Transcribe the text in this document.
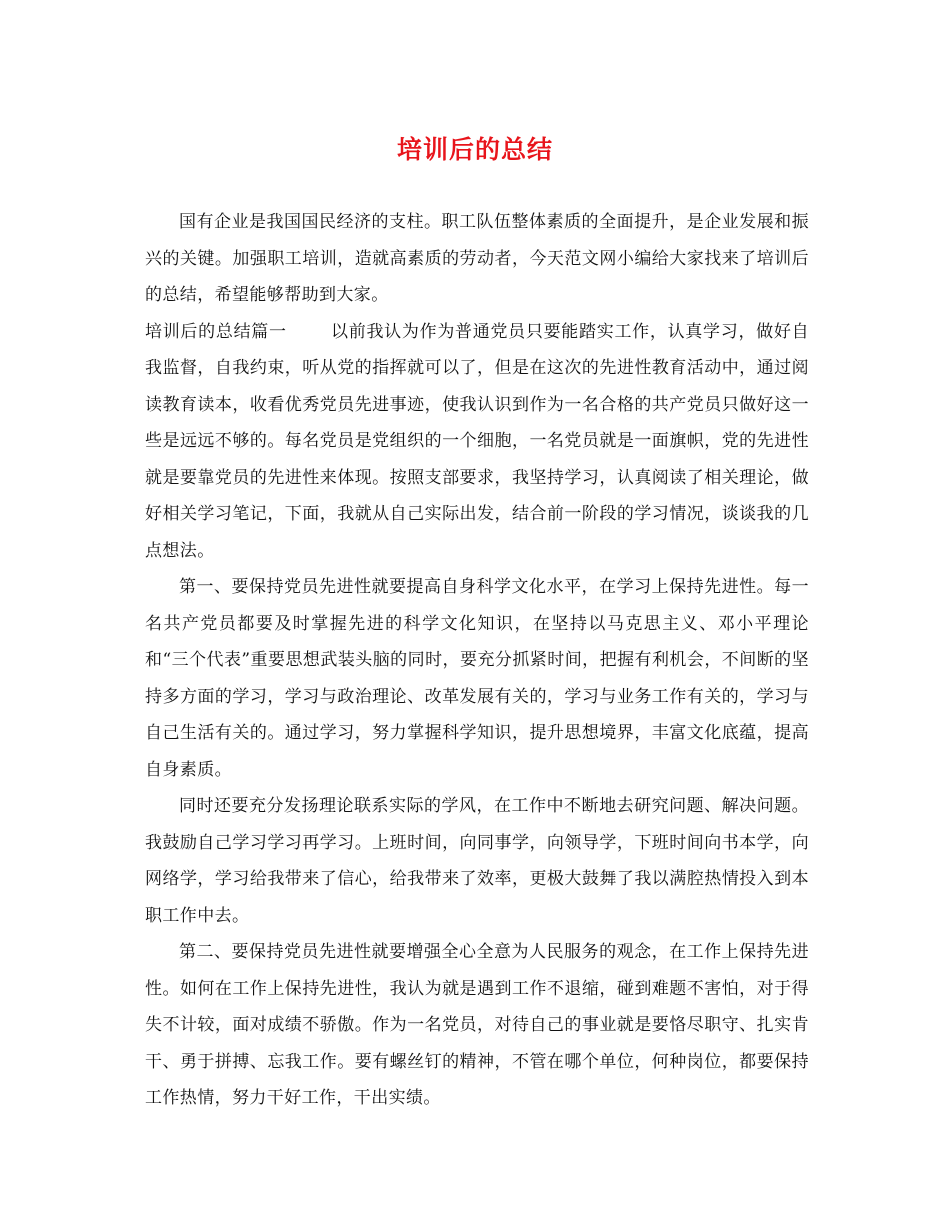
培训后的总结

国有企业是我国国民经济的支柱。职工队伍整体素质的全面提升，是企业发展和振兴的关键。加强职工培训，造就高素质的劳动者，今天范文网小编给大家找来了培训后的总结，希望能够帮助到大家。

培训后的总结篇一	以前我认为作为普通党员只要能踏实工作，认真学习，做好自我监督，自我约束，听从党的指挥就可以了，但是在这次的先进性教育活动中，通过阅读教育读本，收看优秀党员先进事迹，使我认识到作为一名合格的共产党员只做好这一些是远远不够的。每名党员是党组织的一个细胞，一名党员就是一面旗帜，党的先进性就是要靠党员的先进性来体现。按照支部要求，我坚持学习，认真阅读了相关理论，做好相关学习笔记，下面，我就从自己实际出发，结合前一阶段的学习情况，谈谈我的几点想法。

第一、要保持党员先进性就要提高自身科学文化水平，在学习上保持先进性。每一名共产党员都要及时掌握先进的科学文化知识，在坚持以马克思主义、邓小平理论和“三个代表”重要思想武装头脑的同时，要充分抓紧时间，把握有利机会，不间断的坚持多方面的学习，学习与政治理论、改革发展有关的，学习与业务工作有关的，学习与自己生活有关的。通过学习，努力掌握科学知识，提升思想境界，丰富文化底蕴，提高自身素质。

同时还要充分发扬理论联系实际的学风，在工作中不断地去研究问题、解决问题。我鼓励自己学习学习再学习。上班时间，向同事学，向领导学，下班时间向书本学，向网络学，学习给我带来了信心，给我带来了效率，更极大鼓舞了我以满腔热情投入到本职工作中去。

第二、要保持党员先进性就要增强全心全意为人民服务的观念，在工作上保持先进性。如何在工作上保持先进性，我认为就是遇到工作不退缩，碰到难题不害怕，对于得失不计较，面对成绩不骄傲。作为一名党员，对待自己的事业就是要恪尽职守、扎实肯干、勇于拼搏、忘我工作。要有螺丝钉的精神，不管在哪个单位，何种岗位，都要保持工作热情，努力干好工作，干出实绩。
